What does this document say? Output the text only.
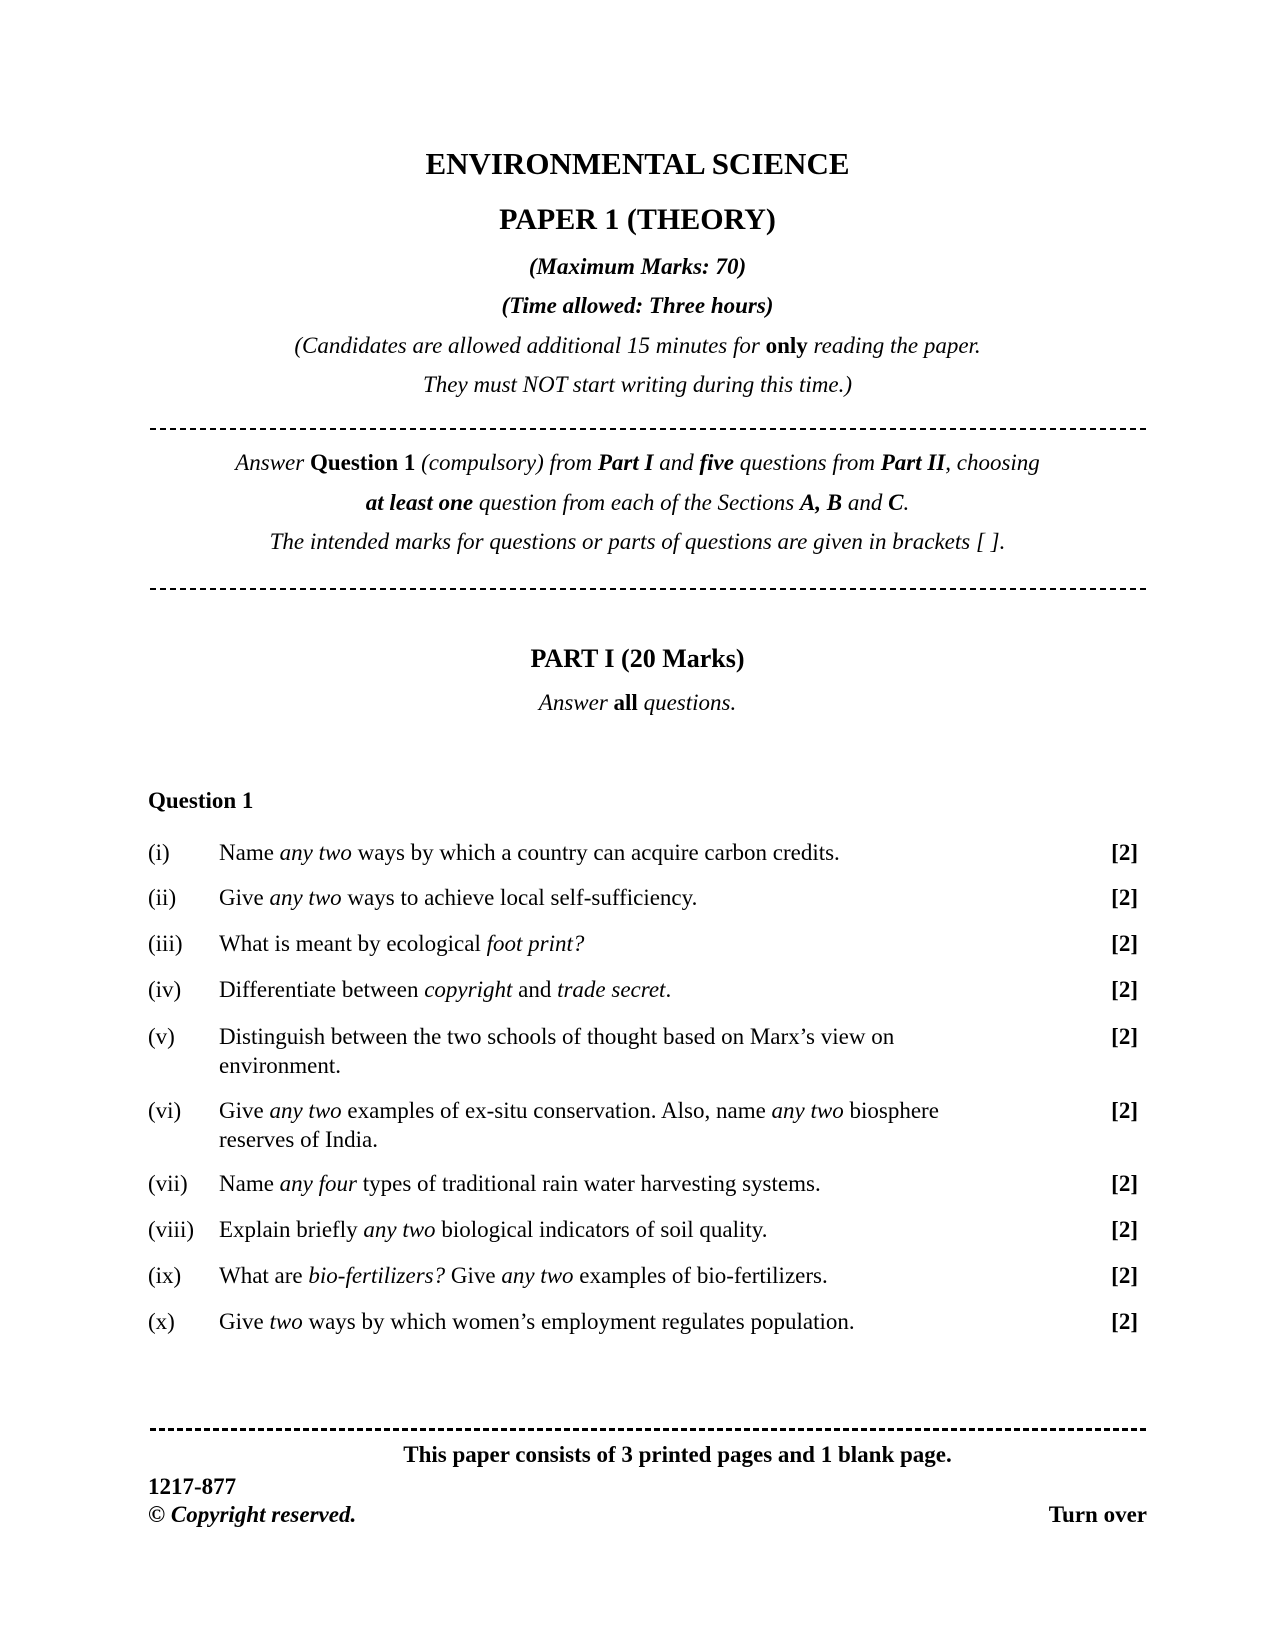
ENVIRONMENTAL SCIENCE
PAPER 1 (THEORY)
(Maximum Marks: 70)
(Time allowed: Three hours)
(Candidates are allowed additional 15 minutes for only reading the paper.
They must NOT start writing during this time.)
Answer Question 1 (compulsory) from Part I and five questions from Part II, choosing
at least one question from each of the Sections A, B and C.
The intended marks for questions or parts of questions are given in brackets [ ].
PART I (20 Marks)
Answer all questions.
Question 1
(i) Name any two ways by which a country can acquire carbon credits.	[2]
(ii) Give any two ways to achieve local self-sufficiency.	[2]
(iii) What is meant by ecological foot print?	[2]
(iv) Differentiate between copyright and trade secret.	[2]
(v) Distinguish between the two schools of thought based on Marx’s view on environment.
[2]
(vi) Give any two examples of ex-situ conservation. Also, name any two biosphere reserves of India.
[2]
(vii) Name any four types of traditional rain water harvesting systems.	[2]
(viii) Explain briefly any two biological indicators of soil quality.	[2]
(ix) What are bio-fertilizers? Give any two examples of bio-fertilizers.	[2]
(x) Give two ways by which women’s employment regulates population.	[2]
This paper consists of 3 printed pages and 1 blank page.
1217-877
© Copyright reserved.	Turn over
